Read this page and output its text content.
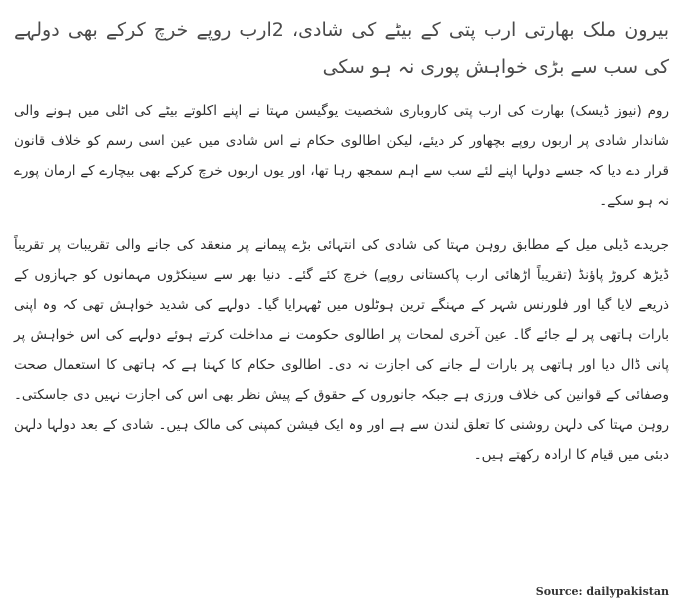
بیرون ملک بھارتی ارب پتی کے بیٹے کی شادی، 2ارب روپے خرچ کرکے بھی دولہے کی سب سے بڑی خواہش پوری نہ ہو سکی

روم (نیوز ڈیسک) بھارت کی ارب پتی کاروباری شخصیت یوگیسن مہتا نے اپنے اکلوتے بیٹے کی اٹلی میں ہونے والی شاندار شادی پر اربوں روپے بچھاور کر دیئے، لیکن اطالوی حکام نے اس شادی میں عین اسی رسم کو خلاف قانون قرار دے دیا کہ جسے دولہا اپنے لئے سب سے اہم سمجھ رہا تھا، اور یوں اربوں خرچ کرکے بھی بیچارے کے ارمان پورے نہ ہو سکے۔

جریدے ڈیلی میل کے مطابق روہن مہتا کی شادی کی انتہائی بڑے پیمانے پر منعقد کی جانے والی تقریبات پر تقریباً ڈیڑھ کروڑ پاؤنڈ (تقریباً اڑھائی ارب پاکستانی روپے) خرچ کئے گئے۔ دنیا بھر سے سینکڑوں مہمانوں کو جہازوں کے ذریعے لایا گیا اور فلورنس شہر کے مہنگے ترین ہوٹلوں میں ٹھہرایا گیا۔ دولہے کی شدید خواہش تھی کہ وہ اپنی بارات ہاتھی پر لے جائے گا۔ عین آخری لمحات پر اطالوی حکومت نے مداخلت کرتے ہوئے دولہے کی اس خواہش پر پانی ڈال دیا اور ہاتھی پر بارات لے جانے کی اجازت نہ دی۔ اطالوی حکام کا کہنا ہے کہ ہاتھی کا استعمال صحت وصفائی کے قوانین کی خلاف ورزی ہے جبکہ جانوروں کے حقوق کے پیش نظر بھی اس کی اجازت نہیں دی جاسکتی۔ روہن مہتا کی دلہن روشنی کا تعلق لندن سے ہے اور وہ ایک فیشن کمپنی کی مالک ہیں۔ شادی کے بعد دولہا دلہن دبئی میں قیام کا ارادہ رکھتے ہیں۔

Source: dailypakistan
